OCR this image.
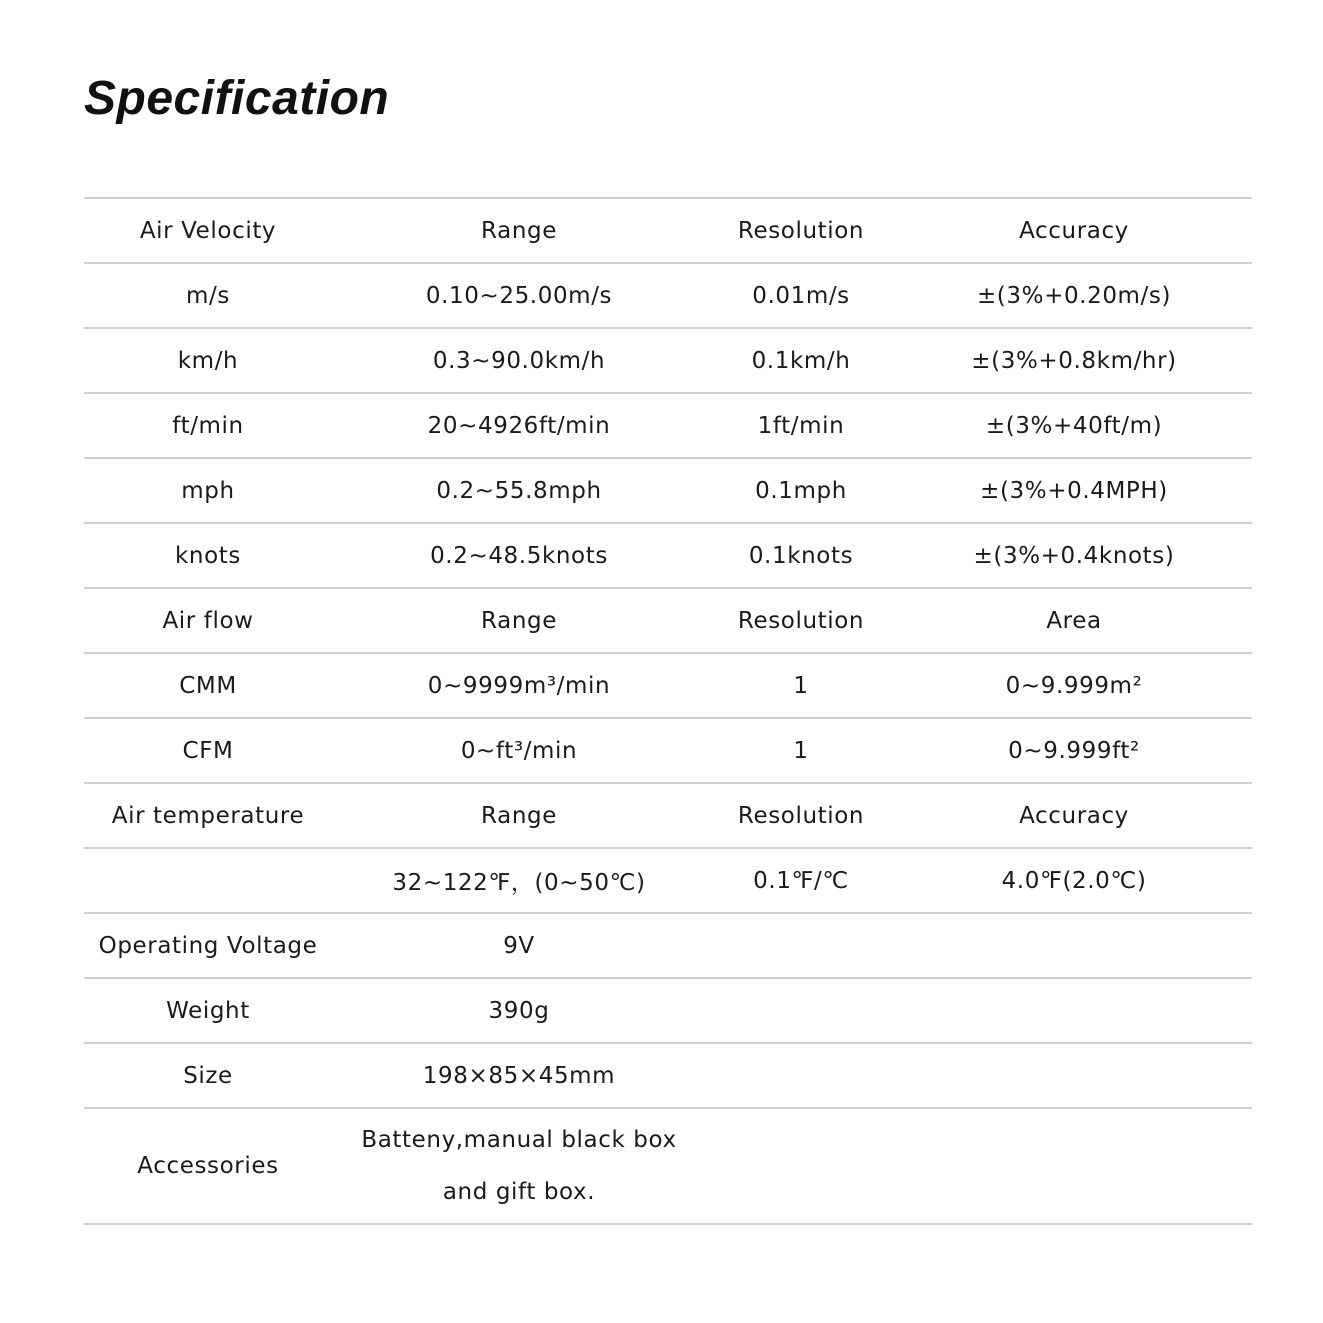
Specification
Air Velocity	Range	Resolution	Accuracy
m/s	0.10~25.00m/s	0.01m/s	±(3%+0.20m/s)
km/h	0.3~90.0km/h	0.1km/h	±(3%+0.8km/hr)
ft/min	20~4926ft/min	1ft/min	±(3%+40ft/m)
mph	0.2~55.8mph	0.1mph	±(3%+0.4MPH)
knots	0.2~48.5knots	0.1knots	±(3%+0.4knots)
Air flow	Range	Resolution	Area
CMM	0~9999m³/min	1	0~9.999m²
CFM	0~ft³/min	1	0~9.999ft²
Air temperature	Range	Resolution	Accuracy
	32~122℉，(0~50℃)	0.1℉/℃	4.0℉(2.0℃)
Operating Voltage	9V		
Weight	390g		
Size	198×85×45mm		
Accessories	Batteny,manual black box
and gift box.		
